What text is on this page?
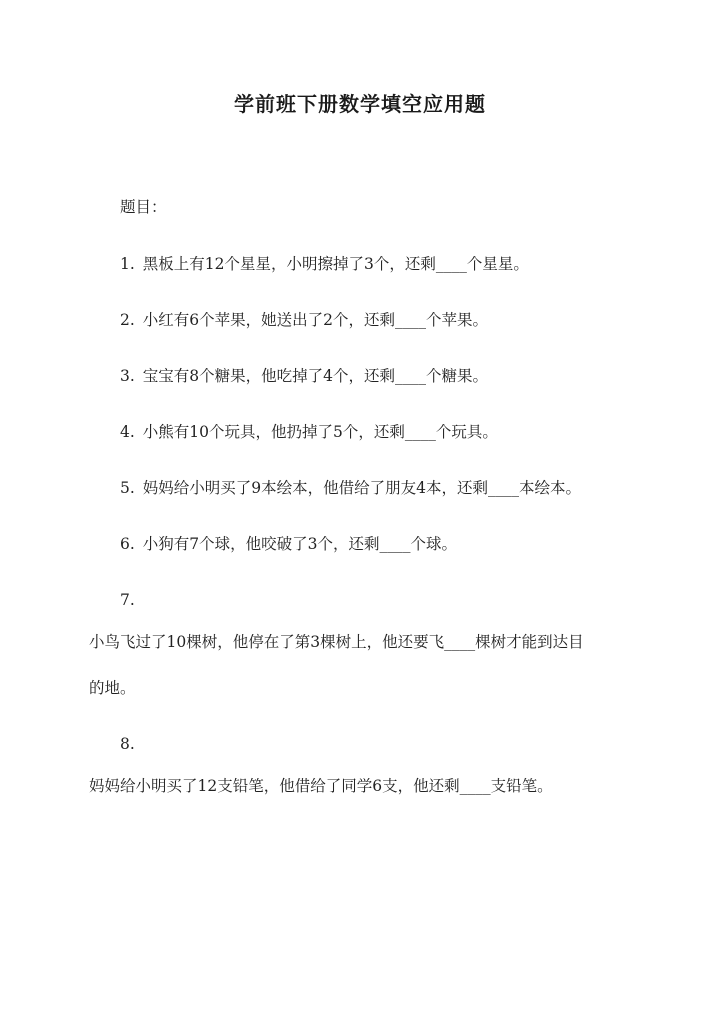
学前班下册数学填空应用题
题目：
1. 黑板上有12个星星，小明擦掉了3个，还剩____个星星。
2. 小红有6个苹果，她送出了2个，还剩____个苹果。
3. 宝宝有8个糖果，他吃掉了4个，还剩____个糖果。
4. 小熊有10个玩具，他扔掉了5个，还剩____个玩具。
5. 妈妈给小明买了9本绘本，他借给了朋友4本，还剩____本绘本。
6. 小狗有7个球，他咬破了3个，还剩____个球。
7.
小鸟飞过了10棵树，他停在了第3棵树上，他还要飞____棵树才能到达目
的地。
8.
妈妈给小明买了12支铅笔，他借给了同学6支，他还剩____支铅笔。
